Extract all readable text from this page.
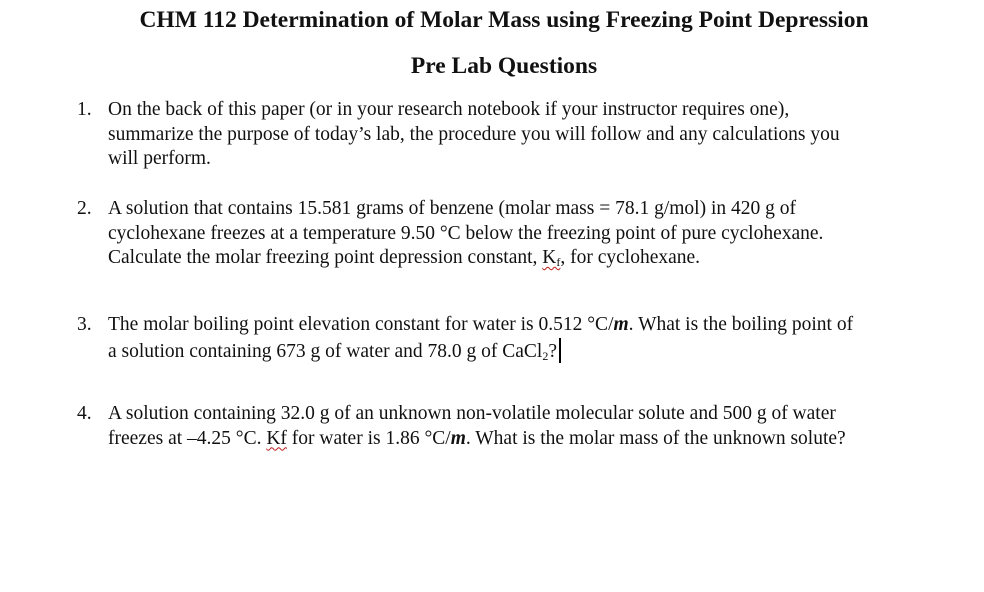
CHM 112 Determination of Molar Mass using Freezing Point Depression
Pre Lab Questions
1. On the back of this paper (or in your research notebook if your instructor requires one),
summarize the purpose of today’s lab, the procedure you will follow and any calculations you
will perform.
2. A solution that contains 15.581 grams of benzene (molar mass = 78.1 g/mol) in 420 g of
cyclohexane freezes at a temperature 9.50 °C below the freezing point of pure cyclohexane.
Calculate the molar freezing point depression constant, Kf, for cyclohexane.
3. The molar boiling point elevation constant for water is 0.512 °C/m. What is the boiling point of
a solution containing 673 g of water and 78.0 g of CaCl2?
4. A solution containing 32.0 g of an unknown non-volatile molecular solute and 500 g of water
freezes at –4.25 °C. Kf for water is 1.86 °C/m. What is the molar mass of the unknown solute?
